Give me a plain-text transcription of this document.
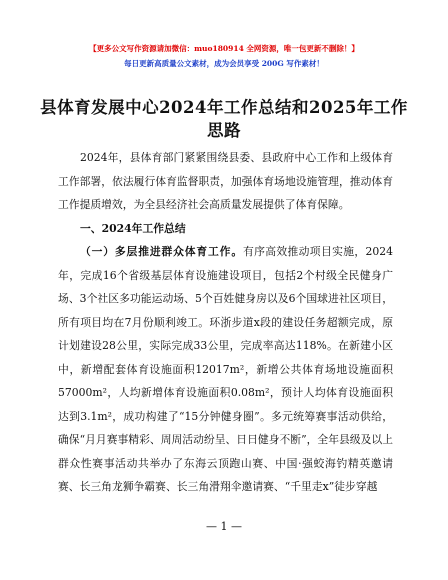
【更多公文写作资源请加微信：muo180914 全网资源，唯一包更新不删除！】
每日更新高质量公文素材，成为会员享受 200G 写作素材！
县体育发展中心2024年工作总结和2025年工作思路
2024年，县体育部门紧紧围绕县委、县政府中心工作和上级体育工作部署，依法履行体育监督职责，加强体育场地设施管理，推动体育工作提质增效，为全县经济社会高质量发展提供了体育保障。
一、2024年工作总结
（一）多层推进群众体育工作。有序高效推动项目实施，2024年，完成16个省级基层体育设施建设项目，包括2个村级全民健身广场、3个社区多功能运动场、5个百姓健身房以及6个国球进社区项目，所有项目均在7月份顺利竣工。环浙步道x段的建设任务超额完成，原计划建设28公里，实际完成33公里，完成率高达118%。在新建小区中，新增配套体育设施面积12017m²，新增公共体育场地设施面积57000m²，人均新增体育设施面积0.08m²，预计人均体育设施面积达到3.1m²，成功构建了“15分钟健身圈”。多元统筹赛事活动供给，确保“月月赛事精彩、周周活动纷呈、日日健身不断”，全年县级及以上群众性赛事活动共举办了东海云顶跑山赛、中国·强蛟海钓精英邀请赛、长三角龙狮争霸赛、长三角滑翔伞邀请赛、“千里走x”徒步穿越
— 1 —
